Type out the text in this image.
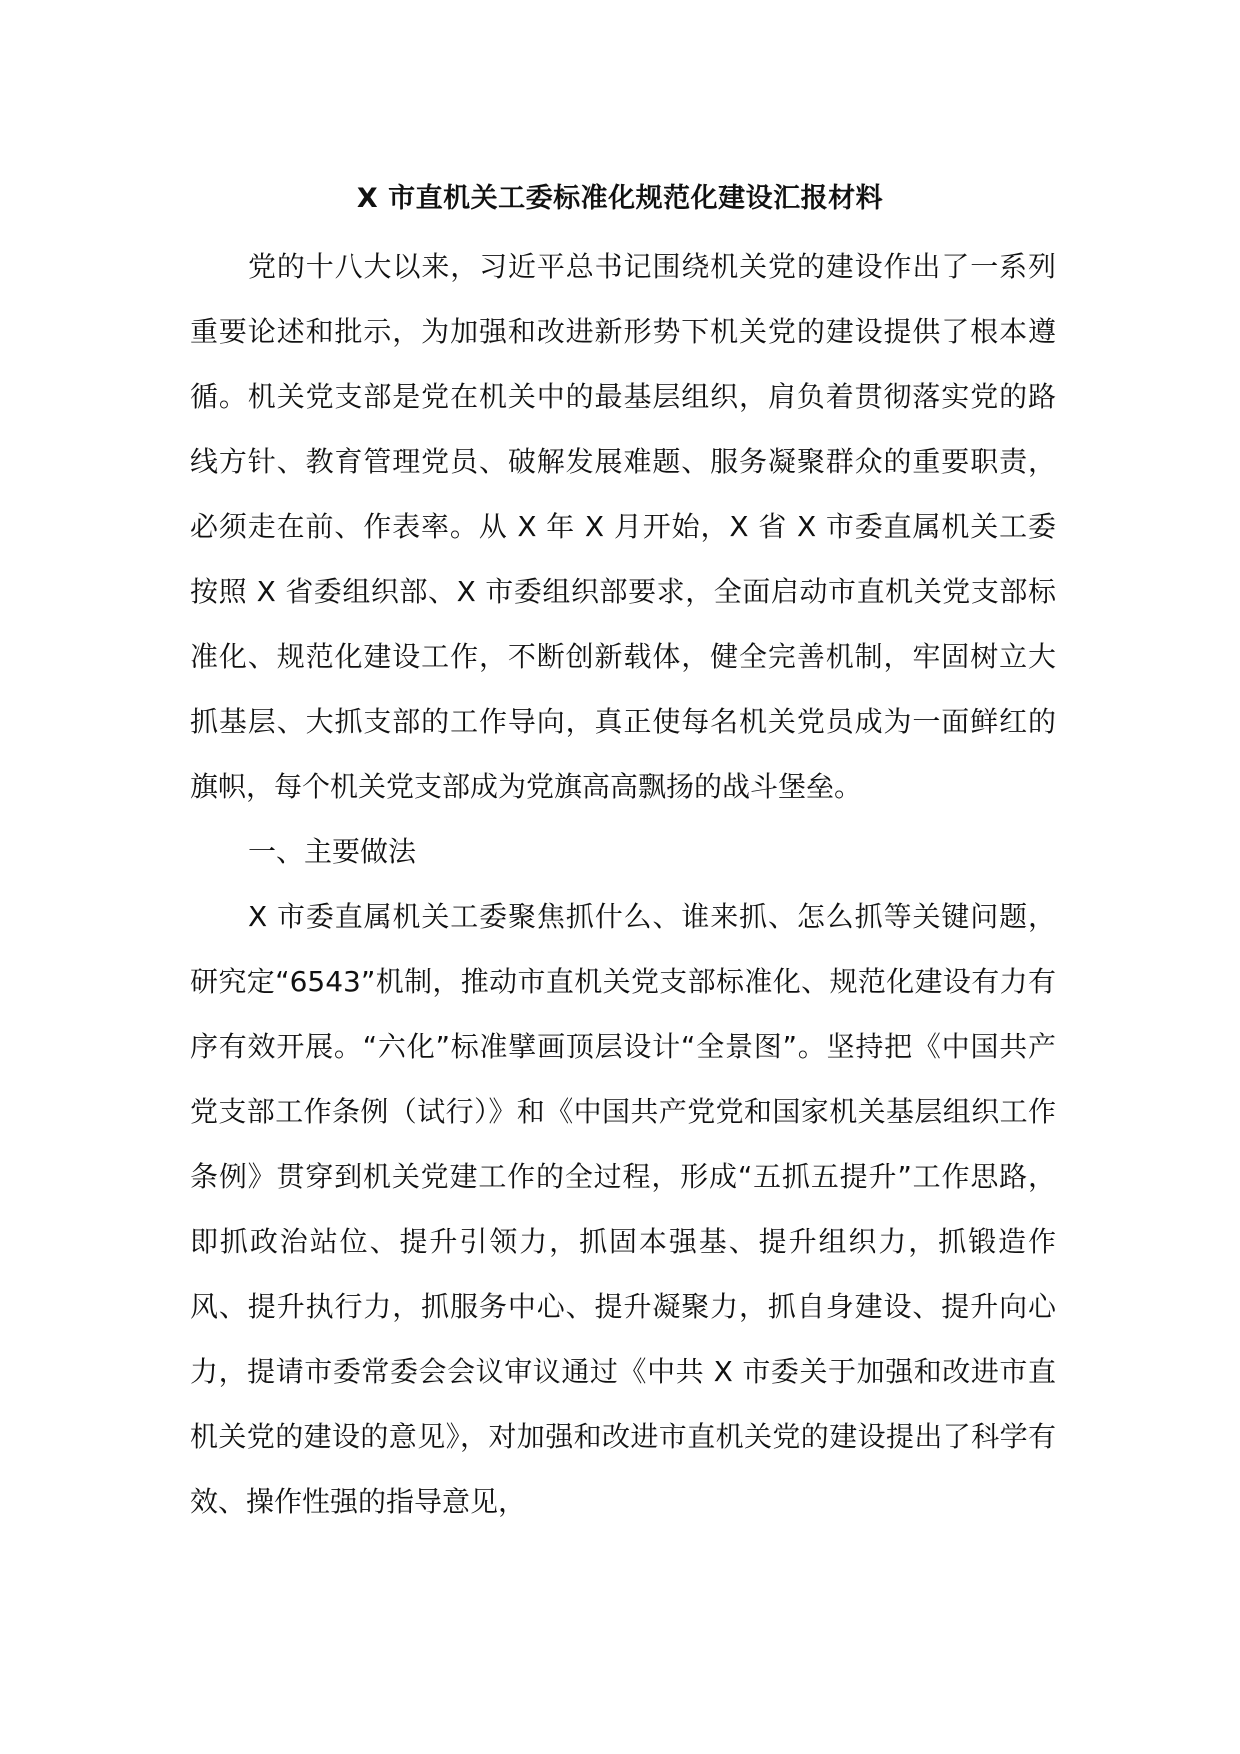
X 市直机关工委标准化规范化建设汇报材料

党的十八大以来，习近平总书记围绕机关党的建设作出了一系列重要论述和批示，为加强和改进新形势下机关党的建设提供了根本遵循。机关党支部是党在机关中的最基层组织，肩负着贯彻落实党的路线方针、教育管理党员、破解发展难题、服务凝聚群众的重要职责，必须走在前、作表率。从 X 年 X 月开始，X 省 X 市委直属机关工委按照 X 省委组织部、X 市委组织部要求，全面启动市直机关党支部标准化、规范化建设工作，不断创新载体，健全完善机制，牢固树立大抓基层、大抓支部的工作导向，真正使每名机关党员成为一面鲜红的旗帜，每个机关党支部成为党旗高高飘扬的战斗堡垒。

一、主要做法

X 市委直属机关工委聚焦抓什么、谁来抓、怎么抓等关键问题，研究定“6543”机制，推动市直机关党支部标准化、规范化建设有力有序有效开展。“六化”标准擘画顶层设计“全景图”。坚持把《中国共产党支部工作条例（试行）》和《中国共产党党和国家机关基层组织工作条例》贯穿到机关党建工作的全过程，形成“五抓五提升”工作思路，即抓政治站位、提升引领力，抓固本强基、提升组织力，抓锻造作风、提升执行力，抓服务中心、提升凝聚力，抓自身建设、提升向心力，提请市委常委会会议审议通过《中共 X 市委关于加强和改进市直机关党的建设的意见》，对加强和改进市直机关党的建设提出了科学有效、操作性强的指导意见，
